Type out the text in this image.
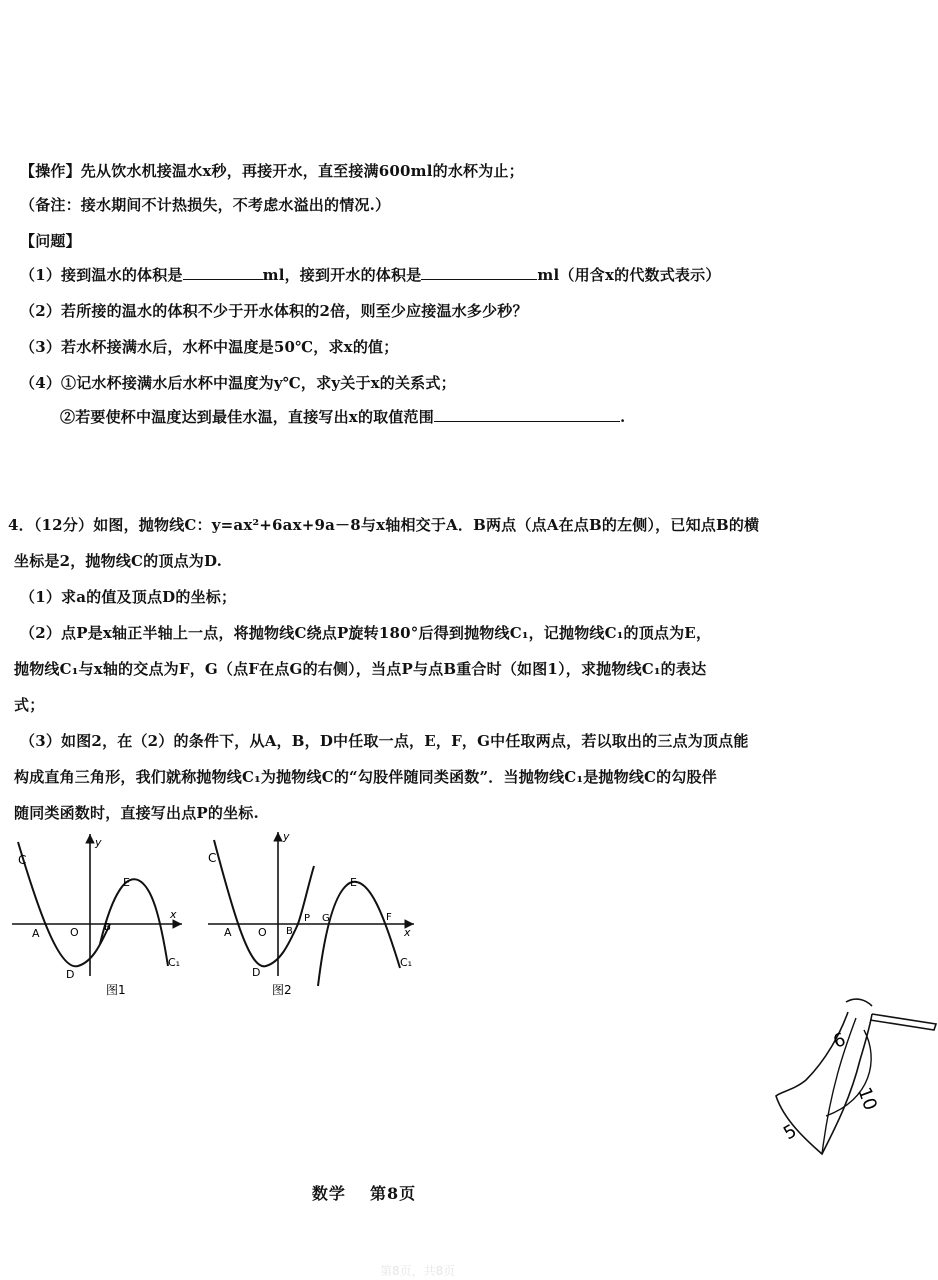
【操作】先从饮水机接温水x秒，再接开水，直至接满600ml的水杯为止；
（备注：接水期间不计热损失，不考虑水溢出的情况.）
【问题】
（1）接到温水的体积是	ml，接到开水的体积是	ml（用含x的代数式表示）
（2）若所接的温水的体积不少于开水体积的2倍，则至少应接温水多少秒？
（3）若水杯接满水后，水杯中温度是50℃，求x的值；
（4）①记水杯接满水后水杯中温度为y℃，求y关于x的关系式；
②若要使杯中温度达到最佳水温，直接写出x的取值范围	.
4．（12分）如图，抛物线C：y=ax²+6ax+9a－8与x轴相交于A．B两点（点A在点B的左侧），已知点B的横
坐标是2，抛物线C的顶点为D.
（1）求a的值及顶点D的坐标；
（2）点P是x轴正半轴上一点，将抛物线C绕点P旋转180°后得到抛物线C₁，记抛物线C₁的顶点为E，
抛物线C₁与x轴的交点为F，G（点F在点G的右侧），当点P与点B重合时（如图1），求抛物线C₁的表达
式；
（3）如图2，在（2）的条件下，从A，B，D中任取一点，E，F，G中任取两点，若以取出的三点为顶点能
构成直角三角形，我们就称抛物线C₁为抛物线C的“勾股伴随同类函数”．当抛物线C₁是抛物线C的勾股伴
随同类函数时，直接写出点P的坐标.
C
y
x
A	O	B
D
E
C₁
图1
C
y
x
A O B
P G	F
D
E
C₁
图2
6
10
5
数学 第8页
第8页，共8页
